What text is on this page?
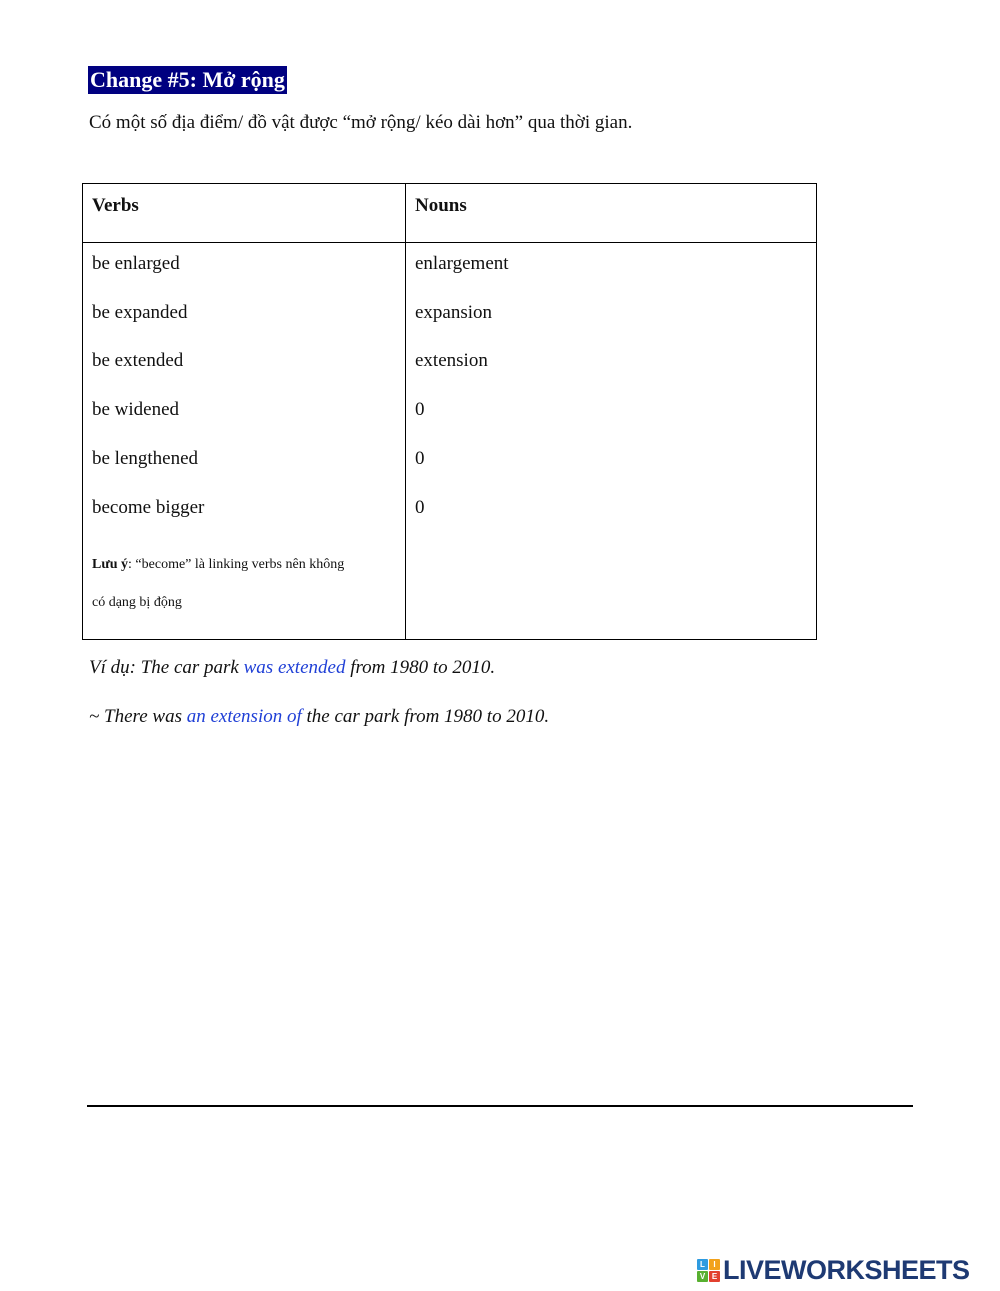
Change #5: Mở rộng
Có một số địa điểm/ đồ vật được “mở rộng/ kéo dài hơn” qua thời gian.
Verbs	Nouns
be enlarged	enlargement
be expanded	expansion
be extended	extension
be widened	0
be lengthened	0
become bigger	0
Lưu ý: “become” là linking verbs nên không
có dạng bị động
Ví dụ: The car park was extended from 1980 to 2010.
~ There was an extension of the car park from 1980 to 2010.
L	I
V E LIVEWORKSHEETS
